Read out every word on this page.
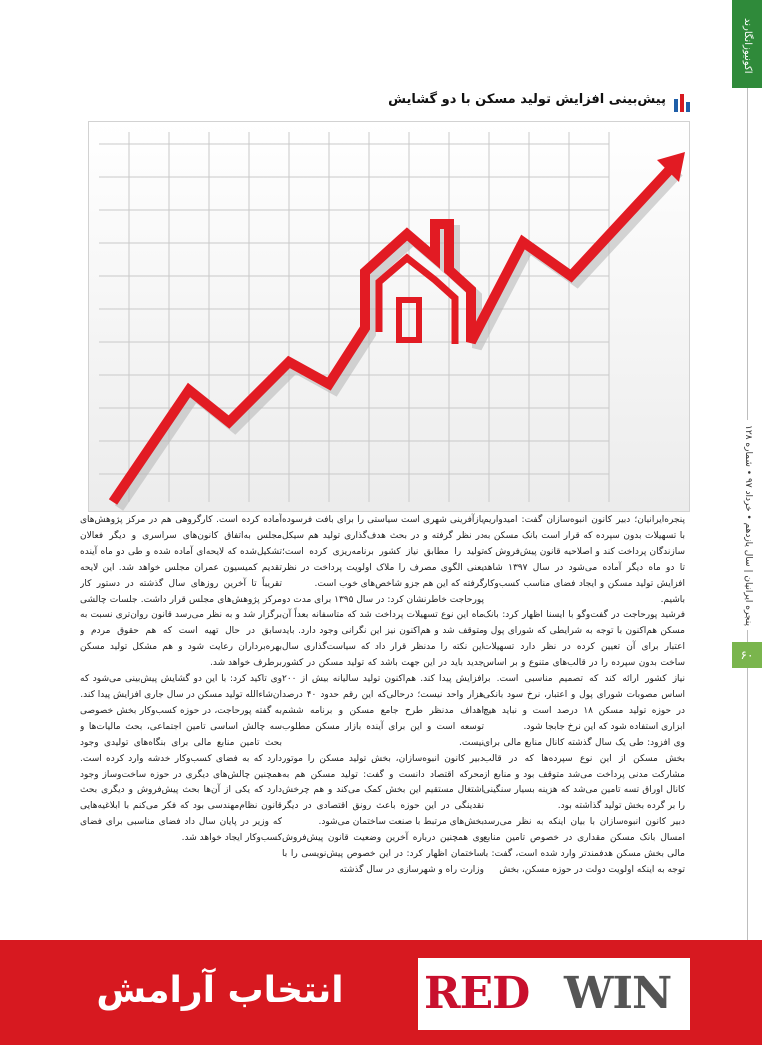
اکونیوزانگارند
پنجره ایرانیان | سال یازدهم • خرداد ۹۷ • شماره ۱۲۸
۶۰
پیش‌بینی افزایش تولید مسکن با دو گشایش

پنجره‌ایرانیان؛ دبیر کانون انبوه‌سازان گفت: امیدواریم با تسهیلات بدون سپرده که قرار است بانک مسکن به سازندگان پرداخت کند و اصلاحیه قانون پیش‌فروش که تا دو ماه دیگر آماده می‌شود در سال ۱۳۹۷ شاهد افزایش تولید مسکن و ایجاد فضای مناسب کسب‌وکار باشیم.

فرشید پورحاجت در گفت‌وگو با ایسنا اظهار کرد: بانک مسکن هم‌اکنون با توجه به شرایطی که شورای پول و اعتبار برای آن تعیین کرده در نظر دارد تسهیلات ساخت بدون سپرده را در قالب‌های متنوع و بر اساس نیاز کشور ارائه کند که تصمیم مناسبی است. بر اساس مصوبات شورای پول و اعتبار، نرخ سود بانکی در حوزه تولید مسکن ۱۸ درصد است و نباید هیچ ابزاری استفاده شود که این نرخ جابجا شود.

وی افزود: طی یک سال گذشته کانال منابع مالی برای بخش مسکن از این نوع سپرده‌ها که در قالب مشارکت مدنی پرداخت می‌شد متوقف بود و منابع از کانال اوراق تسه تامین می‌شد که هزینه بسیار سنگینی را بر گرده بخش تولید گذاشته بود.

دبیر کانون انبوه‌سازان با بیان اینکه به نظر می‌رسد امسال بانک مسکن مقداری در خصوص تامین منابع مالی بخش مسکن هدفمندتر وارد شده است، گفت: با توجه به اینکه اولویت دولت در حوزه مسکن، بخش

بازآفرینی شهری است سیاستی را برای بافت فرسوده در نظر گرفته و در بحث هدف‌گذاری تولید هم سیکل تولید را مطابق نیاز کشور برنامه‌ریزی کرده است؛ یعنی الگوی مصرف را ملاک اولویت پرداخت در نظر گرفته که این هم جزو شاخص‌های خوب است.

پورحاجت خاطرنشان کرد: در سال ۱۳۹۵ برای مدت دو ماه این نوع تسهیلات پرداخت شد که متاسفانه بعداً آن متوقف شد و هم‌اکنون نیز این نگرانی وجود دارد. باید این نکته را مدنظر قرار داد که سیاست‌گذاری سال جدید باید در این جهت باشد که تولید مسکن در کشور افزایش پیدا کند. هم‌اکنون تولید سالیانه بیش از ۲۰۰ هزار واحد نیست؛ درحالی‌که این رقم حدود ۴۰ درصد اهداف مدنظر طرح جامع مسکن و برنامه ششم توسعه است و این برای آینده بازار مسکن مطلوب نیست.

دبیر کانون انبوه‌سازان، بخش تولید مسکن را موتور محرکه اقتصاد دانست و گفت: تولید مسکن هم به اشتغال مستقیم این بخش کمک می‌کند و هم چرخش نقدینگی در این حوزه باعث رونق اقتصادی در دیگر بخش‌های مرتبط با صنعت ساختمان می‌شود.

وی همچنین درباره آخرین وضعیت قانون پیش‌فروش ساختمان اظهار کرد: در این خصوص پیش‌نویسی را با وزارت راه و شهرسازی در سال گذشته

آماده کرده است. کارگروهی هم در مرکز پژوهش‌های مجلس به‌اتفاق کانون‌های سراسری و دیگر فعالان تشکیل‌شده که لایحه‌ای آماده شده و طی دو ماه آینده تقدیم کمیسیون عمران مجلس خواهد شد. این لایحه تقریباً تا آخرین روزهای سال گذشته در دستور کار مرکز پژوهش‌های مجلس قرار داشت. جلسات چالشی برگزار شد و به نظر می‌رسد قانون روان‌تری نسبت به سابق در حال تهیه است که هم حقوق مردم و بهره‌برداران رعایت شود و هم مشکل تولید مسکن برطرف خواهد شد.

وی تاکید کرد: با این دو گشایش پیش‌بینی می‌شود که ان‌شاءالله تولید مسکن در سال جاری افزایش پیدا کند.

به گفته پورحاجت، در حوزه کسب‌وکار بخش خصوصی سه چالش اساسی تامین اجتماعی، بحث مالیات‌ها و بحث تامین منابع مالی برای بنگاه‌های تولیدی وجود دارد که به فضای کسب‌وکار خدشه وارد کرده است. همچنین چالش‌های دیگری در حوزه ساخت‌وساز وجود دارد که یکی از آن‌ها بحث پیش‌فروش و دیگری بحث قانون نظام‌مهندسی بود که فکر می‌کنم با ابلاغیه‌هایی که وزیر در پایان سال داد فضای مناسبی برای فضای کسب‌وکار ایجاد خواهد شد.

RED WIN
انتخاب آرامش
